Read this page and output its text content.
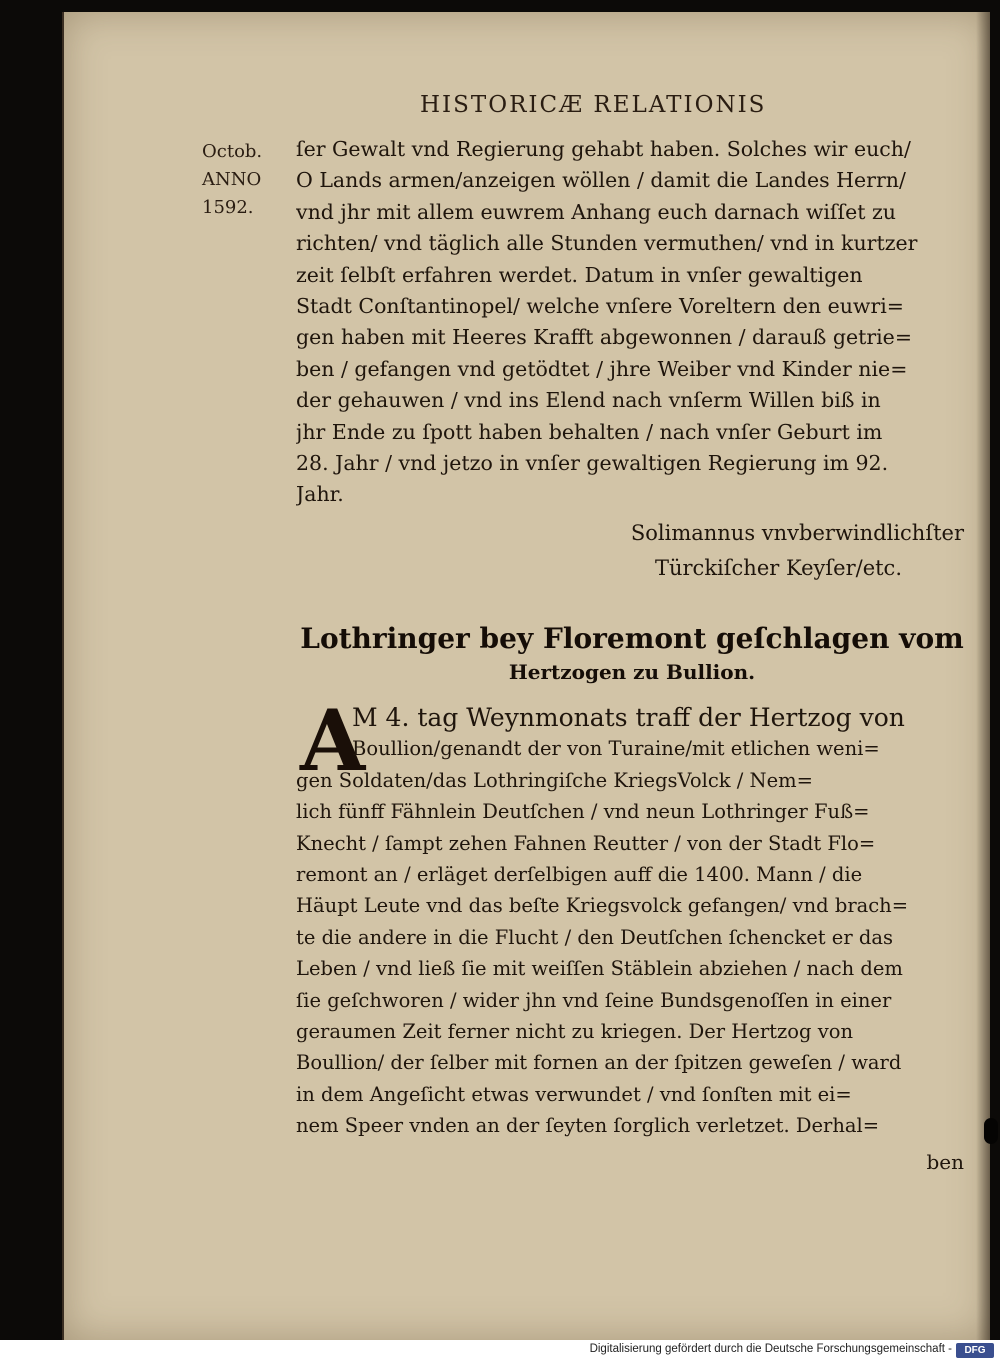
HISTORICÆ RELATIONIS
Octob.
ANNO
1592.
ſer Gewalt vnd Regierung gehabt haben. Solches wir euch/
O Lands armen/anzeigen wöllen / damit die Landes Herrn/
vnd jhr mit allem euwrem Anhang euch darnach wiſſet zu
richten/ vnd täglich alle Stunden vermuthen/ vnd in kurtzer
zeit ſelbſt erfahren werdet. Datum in vnſer gewaltigen
Stadt Conſtantinopel/ welche vnſere Voreltern den euwri=
gen haben mit Heeres Krafft abgewonnen / darauß getrie=
ben / gefangen vnd getödtet / jhre Weiber vnd Kinder nie=
der gehauwen / vnd ins Elend nach vnſerm Willen biß in
jhr Ende zu ſpott haben behalten / nach vnſer Geburt im
28. Jahr / vnd jetzo in vnſer gewaltigen Regierung im 92.
Jahr.
Solimannus vnvberwindlichſter
Türckiſcher Keyſer/etc.
Lothringer bey Floremont geſchlagen vom
Hertzogen zu Bullion.
A
M 4. tag Weynmonats traff der Hertzog von
Boullion/genandt der von Turaine/mit etlichen weni=
gen Soldaten/das Lothringiſche KriegsVolck / Nem=
lich fünff Fähnlein Deutſchen / vnd neun Lothringer Fuß=
Knecht / ſampt zehen Fahnen Reutter / von der Stadt Flo=
remont an / erläget derſelbigen auff die 1400. Mann / die
Häupt Leute vnd das beſte Kriegsvolck gefangen/ vnd brach=
te die andere in die Flucht / den Deutſchen ſchencket er das
Leben / vnd ließ ſie mit weiſſen Stäblein abziehen / nach dem
ſie geſchworen / wider jhn vnd ſeine Bundsgenoſſen in einer
geraumen Zeit ferner nicht zu kriegen. Der Hertzog von
Boullion/ der ſelber mit fornen an der ſpitzen geweſen / ward
in dem Angeſicht etwas verwundet / vnd ſonſten mit ei=
nem Speer vnden an der ſeyten ſorglich verletzet. Derhal=
ben
Digitalisierung gefördert durch die Deutsche Forschungsgemeinschaft -	DFG
